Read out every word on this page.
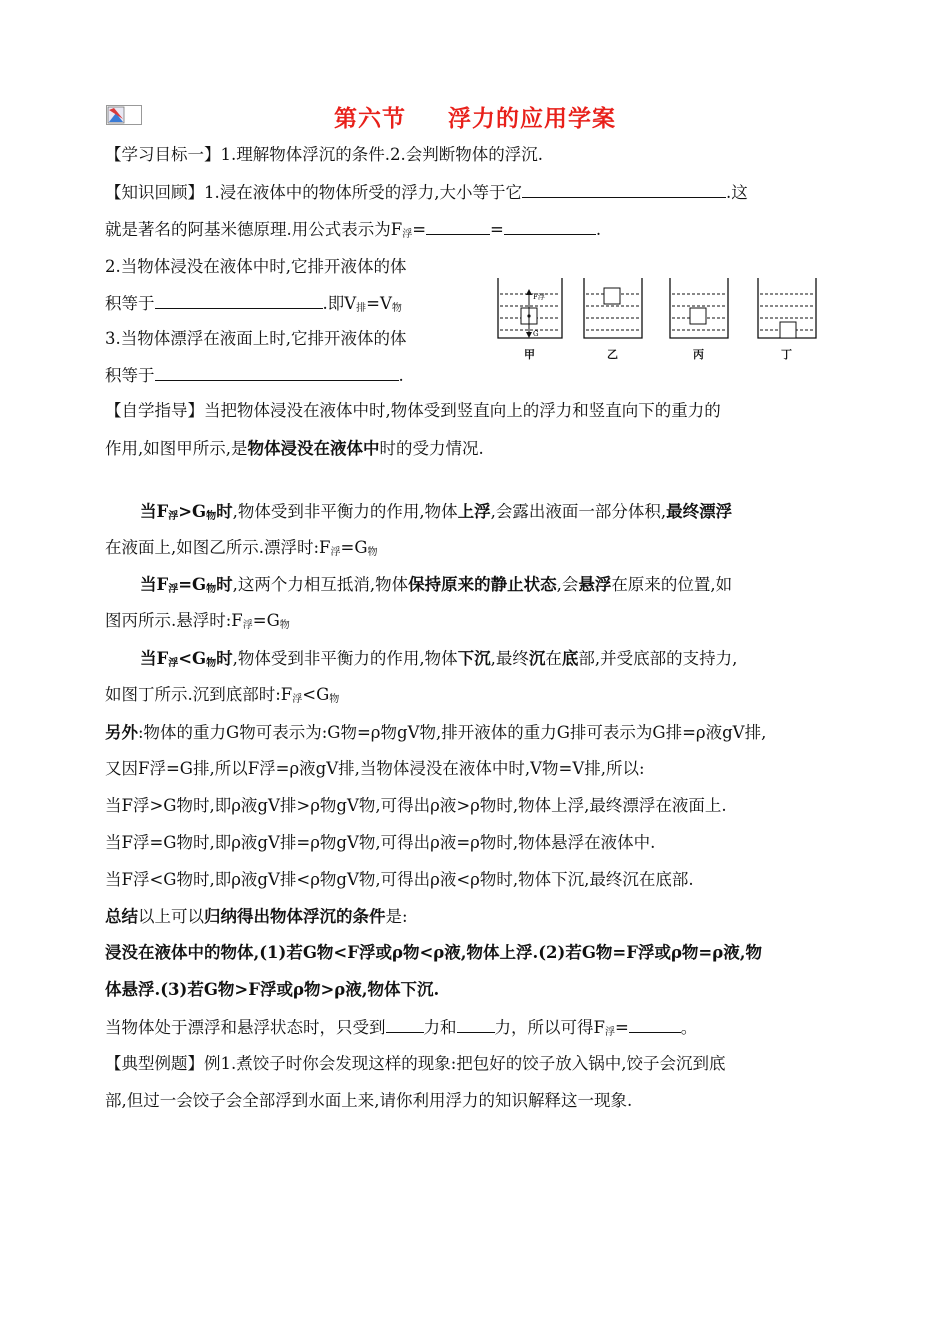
第六节 浮力的应用学案
【学习目标一】1.理解物体浮沉的条件.2.会判断物体的浮沉.
【知识回顾】1.浸在液体中的物体所受的浮力,大小等于它	.这
就是著名的阿基米德原理.用公式表示为$F_浮=$	=	.
2.当物体浸没在液体中时,它排开液体的体
积等于	.即$V_排=V_物$
3.当物体漂浮在液面上时,它排开液体的体
积等于	.
F浮
G
甲	乙	丙	丁
【自学指导】当把物体浸没在液体中时,物体受到竖直向上的浮力和竖直向下的重力的
作用,如图甲所示,是物体浸没在液体中时的受力情况.
当$F_浮>G_物$时,物体受到非平衡力的作用,物体上浮,会露出液面一部分体积,最终漂浮
在液面上,如图乙所示.漂浮时$:F_浮=G_物$
当$F_浮=G_物$时,这两个力相互抵消,物体保持原来的静止状态,会悬浮在原来的位置,如
图丙所示.悬浮时$:F_浮=G_物$
当$F_浮<G_物$时,物体受到非平衡力的作用,物体下沉,最终沉在底部,并受底部的支持力,
如图丁所示.沉到底部时$:F_浮<G_物$
另外:物体的重力G物可表示为:G物=ρ物gV物,排开液体的重力G排可表示为G排=ρ液gV排,
又因F浮=G排,所以F浮=ρ液gV排,当物体浸没在液体中时,V物=V排,所以:
当F浮>G物时,即ρ液gV排>ρ物gV物,可得出ρ液>ρ物时,物体上浮,最终漂浮在液面上.
当F浮=G物时,即ρ液gV排=ρ物gV物,可得出ρ液=ρ物时,物体悬浮在液体中.
当F浮<G物时,即ρ液gV排<ρ物gV物,可得出ρ液<ρ物时,物体下沉,最终沉在底部.
总结以上可以归纳得出物体浮沉的条件是:
浸没在液体中的物体,(1)若G物<F浮或ρ物<ρ液,物体上浮.(2)若G物=F浮或ρ物=ρ液,物
体悬浮.(3)若G物>F浮或ρ物>ρ液,物体下沉.
当物体处于漂浮和悬浮状态时，只受到 力和 力，所以可得$F_浮=$	。
【典型例题】例1.煮饺子时你会发现这样的现象:把包好的饺子放入锅中,饺子会沉到底
部,但过一会饺子会全部浮到水面上来,请你利用浮力的知识解释这一现象.
